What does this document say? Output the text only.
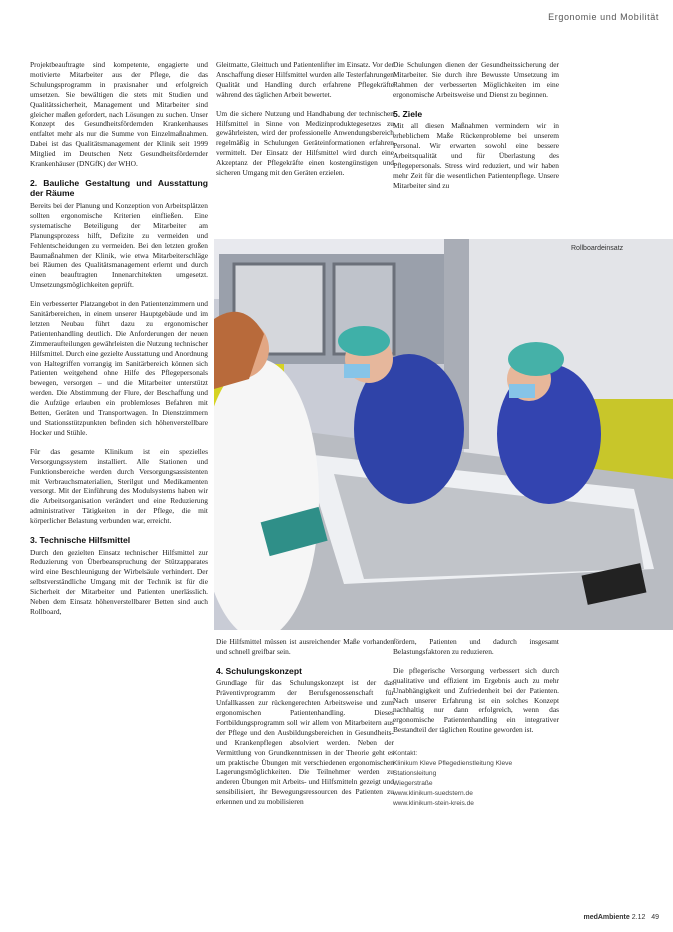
Ergonomie und Mobilität

Projektbeauftragte sind kompetente, engagierte und motivierte Mitarbeiter aus der Pflege, die das Schulungsprogramm in praxisnaher und erfolgreich umsetzen. Sie bewältigen die stets mit Studien und Qualitätssicherheit, Management und Mitarbeiter sind gleicher maßen gefordert, nach Lösungen zu suchen. Unser Konzept des Gesundheitsfördernden Krankenhauses entfaltet mehr als nur die Summe von Einzelmaßnahmen. Dabei ist das Qualitätsmanagement der Klinik seit 1999 Mitglied im Deutschen Netz Gesundheitsfördernder Krankenhäuser (DNGfK) der WHO.

2. Bauliche Gestaltung und Ausstattung der Räume

Bereits bei der Planung und Konzeption von Arbeitsplätzen sollten ergonomische Kriterien einfließen. Eine systematische Beteiligung der Mitarbeiter am Planungsprozess hilft, Defizite zu vermeiden und Fehlentscheidungen zu vermeiden. Bei den letzten großen Baumaßnahmen der Klinik, wie etwa Mitarbeiterschläge bei Räumen des Qualitätsmanagement erlernt und durch einen beauftragten Innenarchitekten umgesetzt. Umsetzungsmöglichkeiten geprüft.

Ein verbesserter Platzangebot in den Patientenzimmern und Sanitärbereichen, in einem unserer Hauptgebäude und im letzten Neubau führt dazu zu ergonomischer Patientenhandling deutlich. Die Anforderungen der neuen Zimmeraufteilungen gewährleisten die Nutzung technischer Hilfsmittel. Durch eine gezielte Ausstattung und Anordnung von Haltegriffen vorrangig im Sanitärbereich können sich Patienten weitgehend ohne Hilfe des Pflegepersonals bewegen, versorgen – und die Mitarbeiter unterstützt werden. Die Abstimmung der Flure, der Beschaffung und die Aufzüge erlauben ein problemloses Befahren mit Betten, Geräten und Transportwagen. In Dienstzimmern und Stationsstützpunkten befinden sich höhenverstellbare Hocker und Stühle.

Für das gesamte Klinikum ist ein spezielles Versorgungssystem installiert. Alle Stationen und Funktionsbereiche werden durch Versorgungsassistenten mit Verbrauchsmaterialien, Sterilgut und Medikamenten versorgt. Mit der Einführung des Modulsystems haben wir die Arbeitsorganisation verändert und eine Reduzierung administrativer Tätigkeiten in der Pflege, die mit körperlicher Belastung verbunden war, erreicht.

3. Technische Hilfsmittel

Durch den gezielten Einsatz technischer Hilfsmittel zur Reduzierung von Überbeanspruchung der Stützapparates wird eine Beschleunigung der Wirbelsäule verhindert. Der selbstverständliche Umgang mit der Technik ist für die Sicherheit der Mitarbeiter und Patienten unerlässlich. Neben dem Einsatz höhenverstellbarer Betten sind auch Rollboard,

Gleitmatte, Gleittuch und Patientenlifter im Einsatz. Vor der Anschaffung dieser Hilfsmittel wurden alle Testerfahrungen Qualität und Handling durch erfahrene Pflegekräfte während des täglichen Arbeit bewertet.

Um die sichere Nutzung und Handhabung der technischen Hilfsmittel in Sinne von Medizinproduktegesetzes zu gewährleisten, wird der professionelle Anwendungsbereich regelmäßig in Schulungen Geräteinformationen erfahren vermittelt. Der Einsatz der Hilfsmittel wird durch eine Akzeptanz der Pflegekräfte einen kostengünstigen und sicheren Umgang mit den Geräten erzielen.

Die Schulungen dienen der Gesundheitssicherung der Mitarbeiter. Sie durch ihre Bewusste Umsetzung im Rahmen der verbesserten Möglichkeiten im eine ergonomische Arbeitsweise und Dienst zu beginnen.

5. Ziele

Mit all diesen Maßnahmen vermindern wir in erheblichem Maße Rückenprobleme bei unserem Personal. Wir erwarten sowohl eine bessere Arbeitsqualität und für Überlastung des Pflegepersonals. Stress wird reduziert, und wir haben mehr Zeit für die wesentlichen Patientenpflege. Unsere Mitarbeiter sind zu

Rollboardeinsatz

Die Hilfsmittel müssen ist ausreichender Maße vorhanden und schnell greifbar sein.

4. Schulungskonzept

Grundlage für das Schulungskonzept ist der das Präventivprogramm der Berufsgenossenschaft für Unfallkassen zur rückengerechten Arbeitsweise und zum ergonomischen Patientenhandling. Dieses Fortbildungsprogramm soll wir allem von Mitarbeitern aus der Pflege und den Ausbildungsbereichen in Gesundheits- und Krankenpflegen absolviert werden. Neben der Vermittlung von Grundkenntnissen in der Theorie geht es um praktische Übungen mit verschiedenen ergonomischen Lagerungsmöglichkeiten. Die Teilnehmer werden zu anderen Übungen mit Arbeits- und Hilfsmitteln gezeigt und sensibilisiert, ihr Bewegungsressourcen des Patienten zu erkennen und zu mobilisieren

fördern, Patienten und dadurch insgesamt Belastungsfaktoren zu reduzieren.

Die pflegerische Versorgung verbessert sich durch qualitative und effizient im Ergebnis auch zu mehr Unabhängigkeit und Zufriedenheit bei der Patienten. Nach unserer Erfahrung ist ein solches Konzept nachhaltig nur dann erfolgreich, wenn das ergonomische Patientenhandling ein integrativer Bestandteil der täglichen Routine geworden ist.

Kontakt:
Klinikum Kleve Pflegedienstleitung Kleve
Stationsleitung
Wiegerstraße
www.klinikum-suedstern.de
www.klinikum-stein-kreis.de
medAmbiente 2.12 49
